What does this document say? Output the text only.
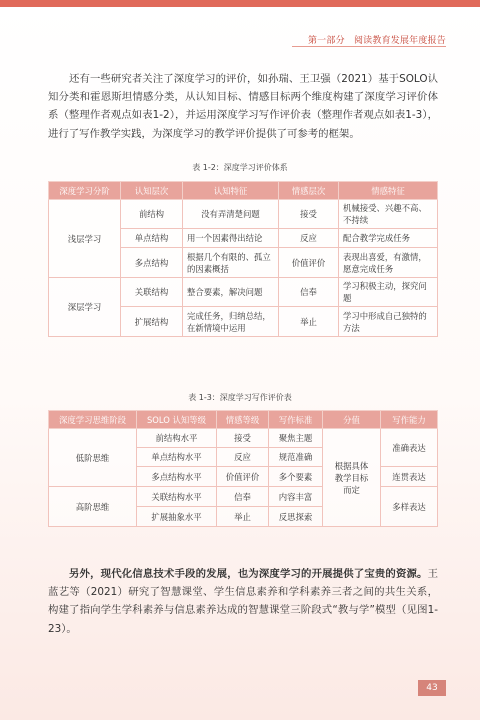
第一部分　阅读教育发展年度报告

还有一些研究者关注了深度学习的评价，如孙瑞、王卫强（2021）基于SOLO认知分类和霍恩斯坦情感分类，从认知目标、情感目标两个维度构建了深度学习评价体系（整理作者观点如表1-2），并运用深度学习写作评价表（整理作者观点如表1-3），进行了写作教学实践，为深度学习的教学评价提供了可参考的框架。

表 1-2：深度学习评价体系
深度学习分阶	认知层次	认知特征	情感层次	情感特征
浅层学习	前结构	没有弄清楚问题	接受	机械接受、兴趣不高、不持续
	单点结构	用一个因素得出结论	反应	配合教学完成任务
	多点结构	根据几个有限的、孤立的因素概括	价值评价	表现出喜爱，有激情，愿意完成任务
深层学习	关联结构	整合要素，解决问题	信奉	学习积极主动，探究问题
	扩展结构	完成任务，归纳总结，在新情境中运用	举止	学习中形成自己独特的方法
表 1-3：深度学习写作评价表
深度学习思维阶段	SOLO 认知等级	情感等级	写作标准	分值	写作能力
低阶思维	前结构水平	接受	聚焦主题	根据具体教学目标而定	准确表达
	单点结构水平	反应	规范准确		
	多点结构水平	价值评价	多个要素		连贯表达
高阶思维	关联结构水平	信奉	内容丰富		多样表达
	扩展抽象水平	举止	反思探索		

另外，现代化信息技术手段的发展，也为深度学习的开展提供了宝贵的资源。王蓝艺等（2021）研究了智慧课堂、学生信息素养和学科素养三者之间的共生关系，构建了指向学生学科素养与信息素养达成的智慧课堂三阶段式“教与学”模型（见图1-23）。

43
